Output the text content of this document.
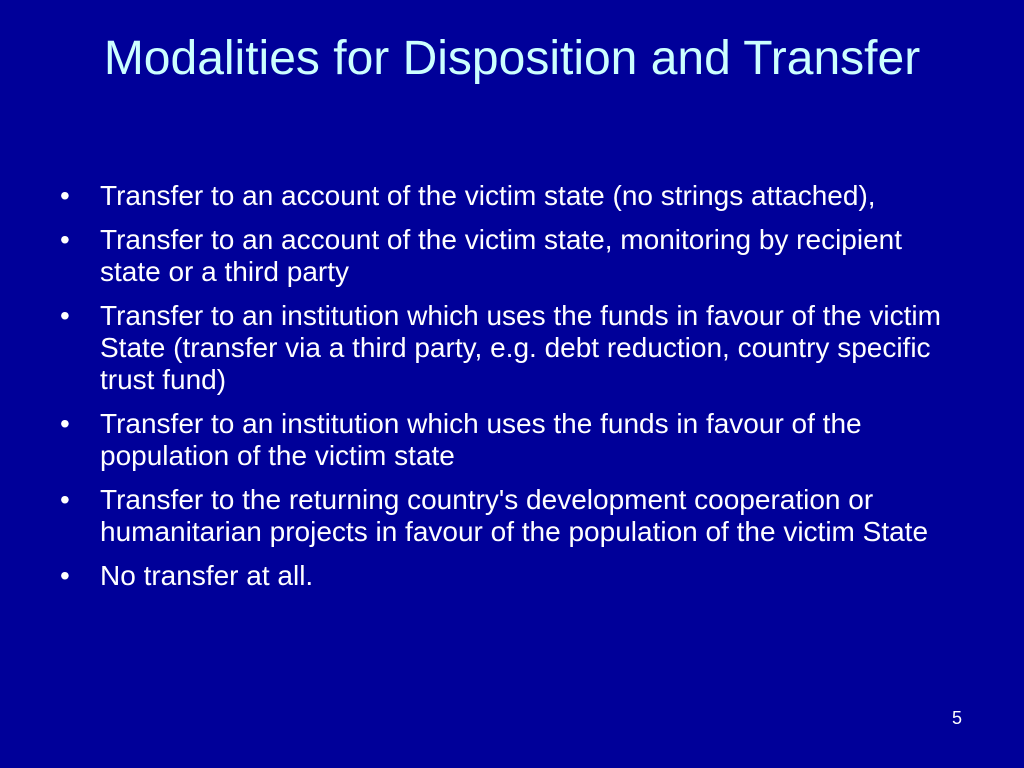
Modalities for Disposition and Transfer
• Transfer to an account of the victim state (no strings attached),
• Transfer to an account of the victim state, monitoring by recipient state or a third party
• Transfer to an institution which uses the funds in favour of the victim State (transfer via a third party, e.g. debt reduction, country specific trust fund)
• Transfer to an institution which uses the funds in favour of the population of the victim state
• Transfer to the returning country's development cooperation or humanitarian projects in favour of the population of the victim State
• No transfer at all.
5
